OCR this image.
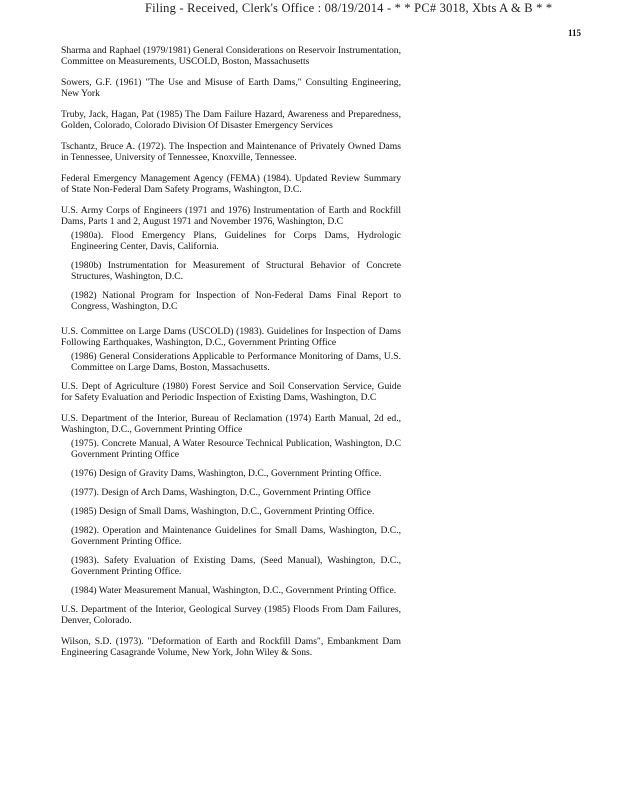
Filing - Received, Clerk's Office : 08/19/2014 - * * PC# 3018, Xbts A & B * *
115

Sharma and Raphael (1979/1981) General Considerations on Reservoir Instrumentation, Committee on Measurements, USCOLD, Boston, Massachusetts

Sowers, G.F. (1961) "The Use and Misuse of Earth Dams," Consulting Engineering, New York

Truby, Jack, Hagan, Pat (1985) The Dam Failure Hazard, Awareness and Preparedness, Golden, Colorado, Colorado Division Of Disaster Emergency Services

Tschantz, Bruce A. (1972). The Inspection and Maintenance of Privately Owned Dams in Tennessee, University of Tennessee, Knoxville, Tennessee.

Federal Emergency Management Agency (FEMA) (1984). Updated Review Summary of State Non-Federal Dam Safety Programs, Washington, D.C.

U.S. Army Corps of Engineers (1971 and 1976) Instrumentation of Earth and Rockfill Dams, Parts 1 and 2, August 1971 and November 1976, Washington, D.C

(1980a). Flood Emergency Plans, Guidelines for Corps Dams, Hydrologic Engineering Center, Davis, California.

(1980b) Instrumentation for Measurement of Structural Behavior of Concrete Structures, Washington, D.C.

(1982) National Program for Inspection of Non-Federal Dams Final Report to Congress, Washington, D.C

U.S. Committee on Large Dams (USCOLD) (1983). Guidelines for Inspection of Dams Following Earthquakes, Washington, D.C., Government Printing Office

(1986) General Considerations Applicable to Performance Monitoring of Dams, U.S. Committee on Large Dams, Boston, Massachusetts.

U.S. Dept of Agriculture (1980) Forest Service and Soil Conservation Service, Guide for Safety Evaluation and Periodic Inspection of Existing Dams, Washington, D.C

U.S. Department of the Interior, Bureau of Reclamation (1974) Earth Manual, 2d ed., Washington, D.C., Government Printing Office

(1975). Concrete Manual, A Water Resource Technical Publication, Washington, D.C Government Printing Office

(1976) Design of Gravity Dams, Washington, D.C., Government Printing Office.

(1977). Design of Arch Dams, Washington, D.C., Government Printing Office

(1985) Design of Small Dams, Washington, D.C., Government Printing Office.

(1982). Operation and Maintenance Guidelines for Small Dams, Washington, D.C., Government Printing Office.

(1983). Safety Evaluation of Existing Dams, (Seed Manual), Washington, D.C., Government Printing Office.

(1984) Water Measurement Manual, Washington, D.C., Government Printing Office.

U.S. Department of the Interior, Geological Survey (1985) Floods From Dam Failures, Denver, Colorado.

Wilson, S.D. (1973). "Deformation of Earth and Rockfill Dams", Embankment Dam Engineering Casagrande Volume, New York, John Wiley & Sons.
